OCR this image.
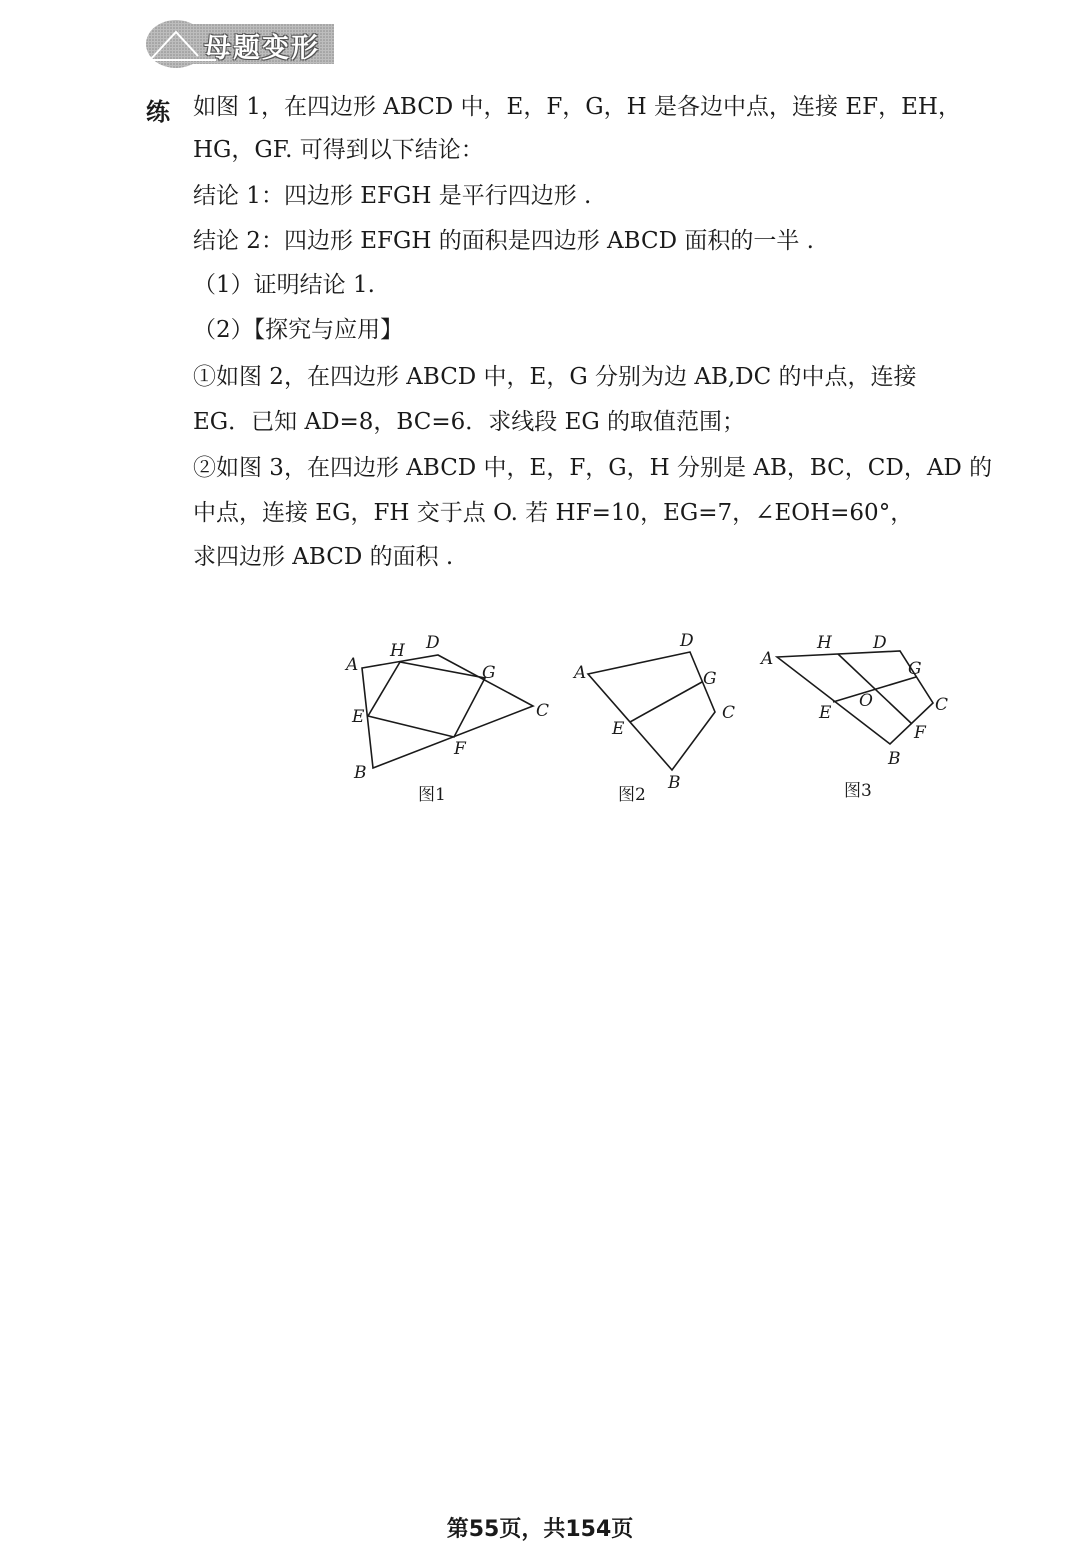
母题变形
练 如图 1，在四边形 ABCD 中，E，F，G，H 是各边中点，连接 EF，EH，
HG，GF. 可得到以下结论：
结论 1：四边形 EFGH 是平行四边形 .
结论 2：四边形 EFGH 的面积是四边形 ABCD 面积的一半 .
（1）证明结论 1.
（2）【探究与应用】
①如图 2，在四边形 ABCD 中，E，G 分别为边 AB,DC 的中点，连接
EG．已知 AD=8，BC=6．求线段 EG 的取值范围；
②如图 3，在四边形 ABCD 中，E，F，G，H 分别是 AB，BC，CD，AD 的
中点，连接 EG，FH 交于点 O. 若 HF=10，EG=7，∠EOH=60°，
求四边形 ABCD 的面积 .
A
B
C
D
E
F
G
H
图1
A
B
C
D
E
G
图2
A
B
C
D
E
F
G
H
O
图3
第55页，共154页
